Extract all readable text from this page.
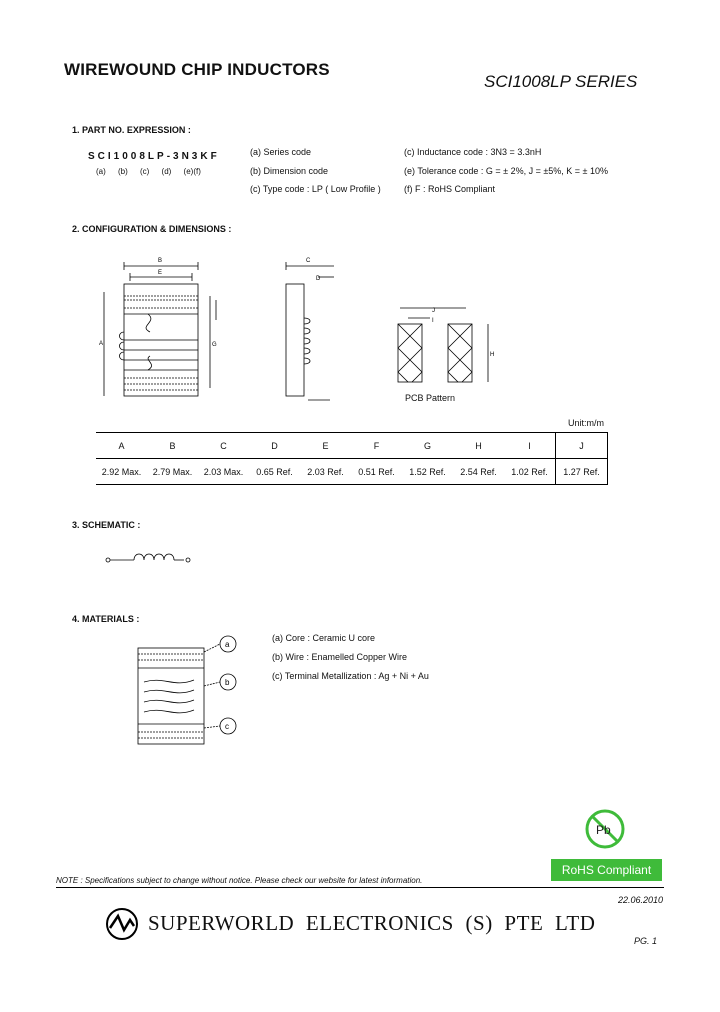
WIREWOUND CHIP INDUCTORS
SCI1008LP SERIES
1. PART NO. EXPRESSION :
SCI1008LP-3N3KF
(a) (b) (c) (d) (e)(f)
(a) Series code
(b) Dimension code
(c) Type code : LP ( Low Profile )
(c) Inductance code : 3N3 = 3.3nH
(e) Tolerance code : G = ± 2%, J = ±5%, K = ± 10%
(f) F : RoHS Compliant
2. CONFIGURATION & DIMENSIONS :
B
E
A	G
C
D
J
H
I
PCB Pattern
Unit:m/m
A	B	C	D	E	F	G	H	I	J
2.92 Max.	2.79 Max.	2.03 Max.	0.65 Ref.	2.03 Ref.	0.51 Ref.	1.52 Ref.	2.54 Ref.	1.02 Ref.	1.27 Ref.
3. SCHEMATIC :
4. MATERIALS :
a
b
c
(a) Core : Ceramic U core
(b) Wire : Enamelled Copper Wire
(c) Terminal Metallization : Ag + Ni + Au
Pb
RoHS Compliant
NOTE : Specifications subject to change without notice. Please check our website for latest information.
22.06.2010
SUPERWORLD ELECTRONICS (S) PTE LTD
PG. 1
